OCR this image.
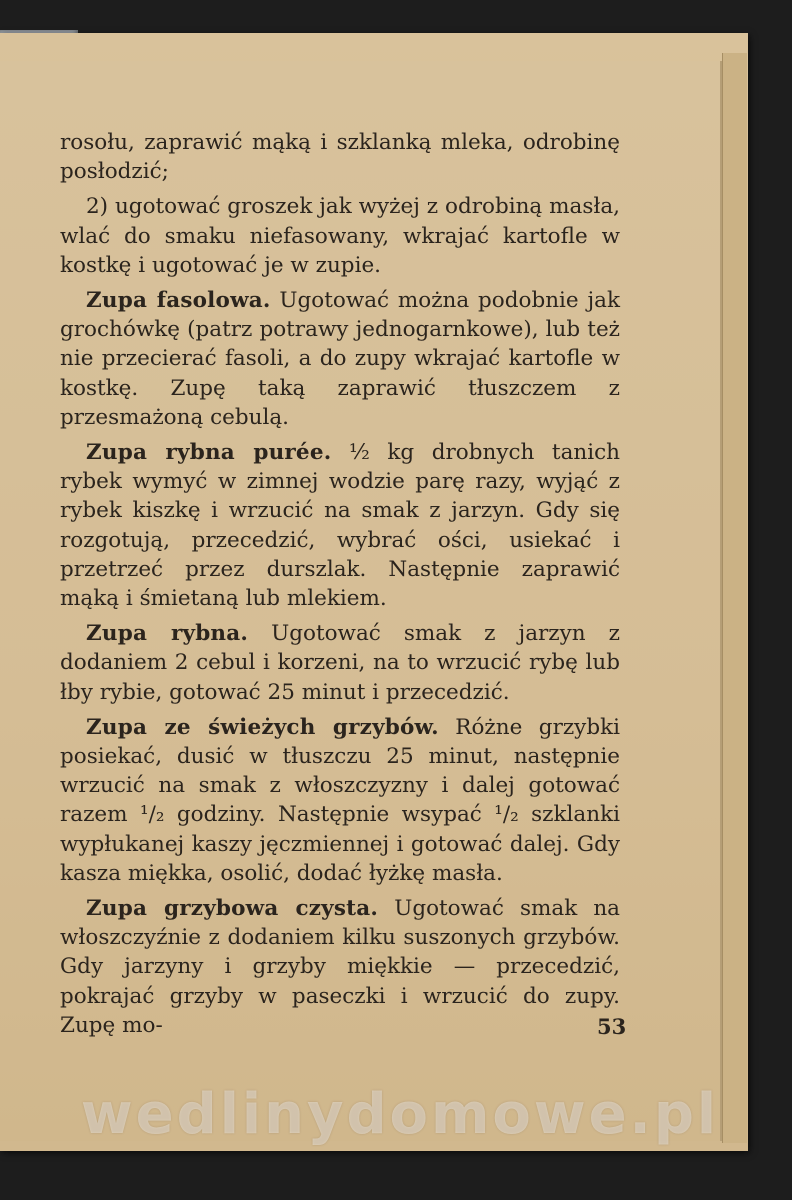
rosołu, zaprawić mąką i szklanką mleka, odrobinę posłodzić;

2) ugotować groszek jak wyżej z odrobiną masła, wlać do smaku niefasowany, wkrajać kartofle w kostkę i ugotować je w zupie.

Zupa fasolowa. Ugotować można podobnie jak grochówkę (patrz potrawy jednogarnkowe), lub też nie przecierać fasoli, a do zupy wkrajać kartofle w kostkę. Zupę taką zaprawić tłuszczem z przesmażoną cebulą.

Zupa rybna purée. ½ kg drobnych tanich rybek wymyć w zimnej wodzie parę razy, wyjąć z rybek kiszkę i wrzucić na smak z jarzyn. Gdy się rozgotują, przecedzić, wybrać ości, usiekać i przetrzeć przez durszlak. Następnie zaprawić mąką i śmietaną lub mlekiem.

Zupa rybna. Ugotować smak z jarzyn z dodaniem 2 cebul i korzeni, na to wrzucić rybę lub łby rybie, gotować 25 minut i przecedzić.

Zupa ze świeżych grzybów. Różne grzybki posiekać, dusić w tłuszczu 25 minut, następnie wrzucić na smak z włoszczyzny i dalej gotować razem ¹/₂ godziny. Następnie wsypać ¹/₂ szklanki wypłukanej kaszy jęczmiennej i gotować dalej. Gdy kasza miękka, osolić, dodać łyżkę masła.

Zupa grzybowa czysta. Ugotować smak na włoszczyźnie z dodaniem kilku suszonych grzybów. Gdy jarzyny i grzyby miękkie — przecedzić, pokrajać grzyby w paseczki i wrzucić do zupy. Zupę mo-	53
wedlinydomowe.pl
